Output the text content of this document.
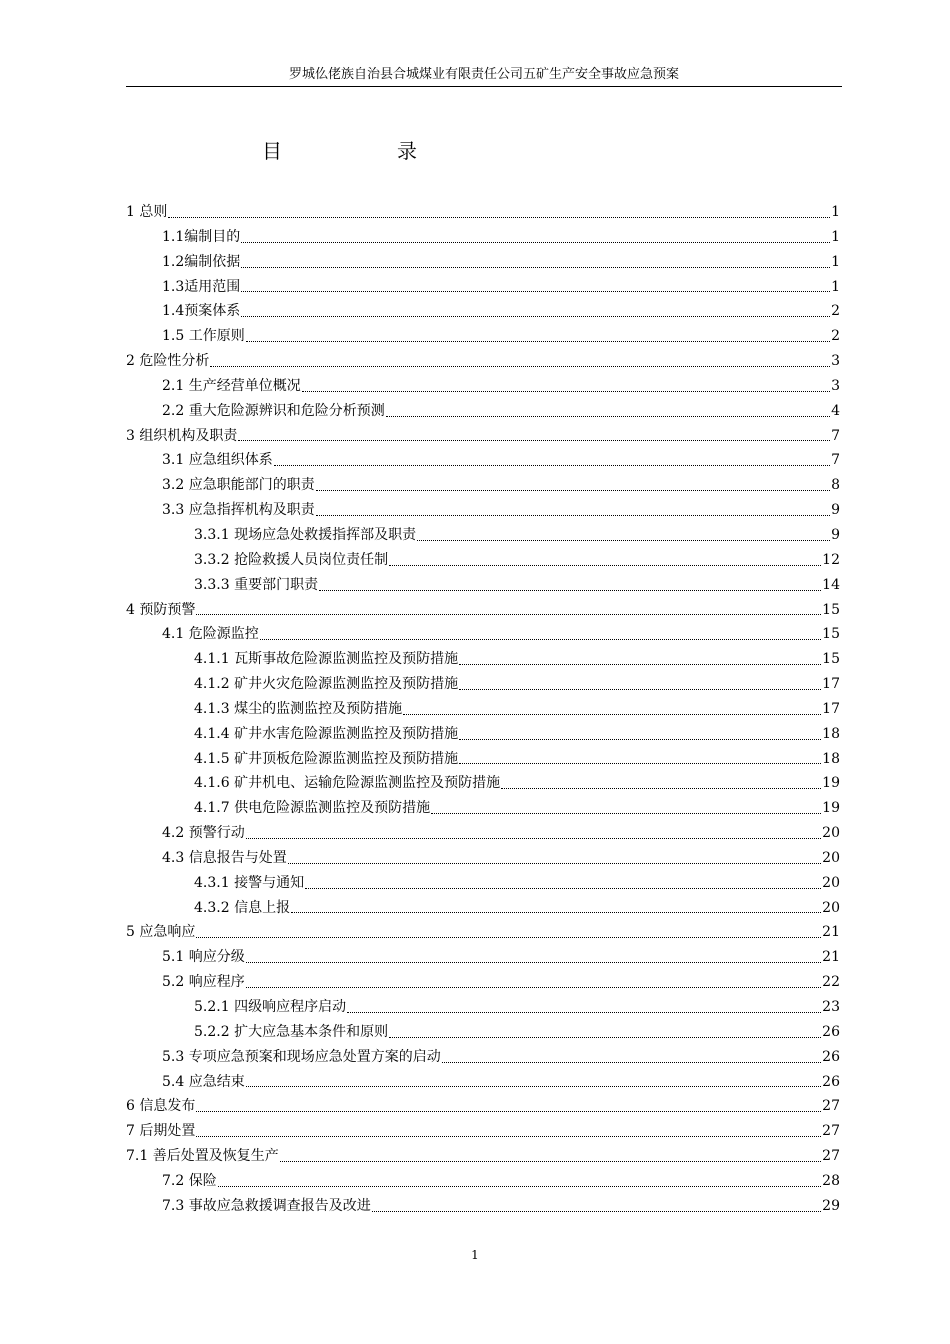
罗城仫佬族自治县合城煤业有限责任公司五矿生产安全事故应急预案
目	录
1 总则	1
1.1编制目的	1
1.2编制依据	1
1.3适用范围	1
1.4预案体系	2
1.5 工作原则	2
2 危险性分析	3
2.1 生产经营单位概况	3
2.2 重大危险源辨识和危险分析预测	4
3 组织机构及职责	7
3.1 应急组织体系	7
3.2 应急职能部门的职责	8
3.3 应急指挥机构及职责	9
3.3.1 现场应急处救援指挥部及职责	9
3.3.2 抢险救援人员岗位责任制	12
3.3.3 重要部门职责	14
4 预防预警	15
4.1 危险源监控	15
4.1.1 瓦斯事故危险源监测监控及预防措施	15
4.1.2 矿井火灾危险源监测监控及预防措施	17
4.1.3 煤尘的监测监控及预防措施	17
4.1.4 矿井水害危险源监测监控及预防措施	18
4.1.5 矿井顶板危险源监测监控及预防措施	18
4.1.6 矿井机电、运输危险源监测监控及预防措施	19
4.1.7 供电危险源监测监控及预防措施	19
4.2 预警行动	20
4.3 信息报告与处置	20
4.3.1 接警与通知	20
4.3.2 信息上报	20
5 应急响应	21
5.1 响应分级	21
5.2 响应程序	22
5.2.1 四级响应程序启动	23
5.2.2 扩大应急基本条件和原则	26
5.3 专项应急预案和现场应急处置方案的启动	26
5.4 应急结束	26
6 信息发布	27
7 后期处置	27
7.1 善后处置及恢复生产	27
7.2 保险	28
7.3 事故应急救援调查报告及改进	29
1
